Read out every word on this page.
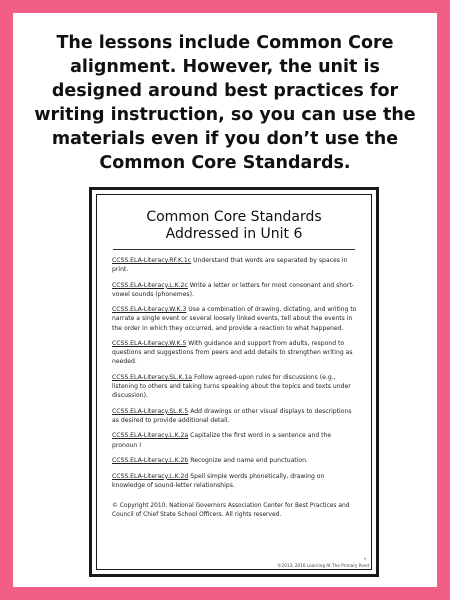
The lessons include Common Core alignment. However, the unit is designed around best practices for writing instruction, so you can use the materials even if you don’t use the Common Core Standards.

Common Core Standards
Addressed in Unit 6
CCSS.ELA-Literacy.RF.K.1c Understand that words are separated by spaces in print.
CCSS.ELA-Literacy.L.K.2c Write a letter or letters for most consonant and short-vowel sounds (phonemes).
CCSS.ELA-Literacy.W.K.3 Use a combination of drawing, dictating, and writing to narrate a single event or several loosely linked events, tell about the events in the order in which they occurred, and provide a reaction to what happened.
CCSS.ELA-Literacy.W.K.5 With guidance and support from adults, respond to questions and suggestions from peers and add details to strengthen writing as needed.
CCSS.ELA-Literacy.SL.K.1a Follow agreed-upon rules for discussions (e.g., listening to others and taking turns speaking about the topics and texts under discussion).
CCSS.ELA-Literacy.SL.K.5 Add drawings or other visual displays to descriptions as desired to provide additional detail.
CCSS.ELA-Literacy.L.K.2a Capitalize the first word in a sentence and the pronoun I
CCSS.ELA-Literacy.L.K.2b Recognize and name end punctuation.
CCSS.ELA-Literacy.L.K.2d Spell simple words phonetically, drawing on knowledge of sound-letter relationships.

© Copyright 2010. National Governors Association Center for Best Practices and Council of Chief State School Officers. All rights reserved.

9
©2013, 2016 Learning At The Primary Pond
